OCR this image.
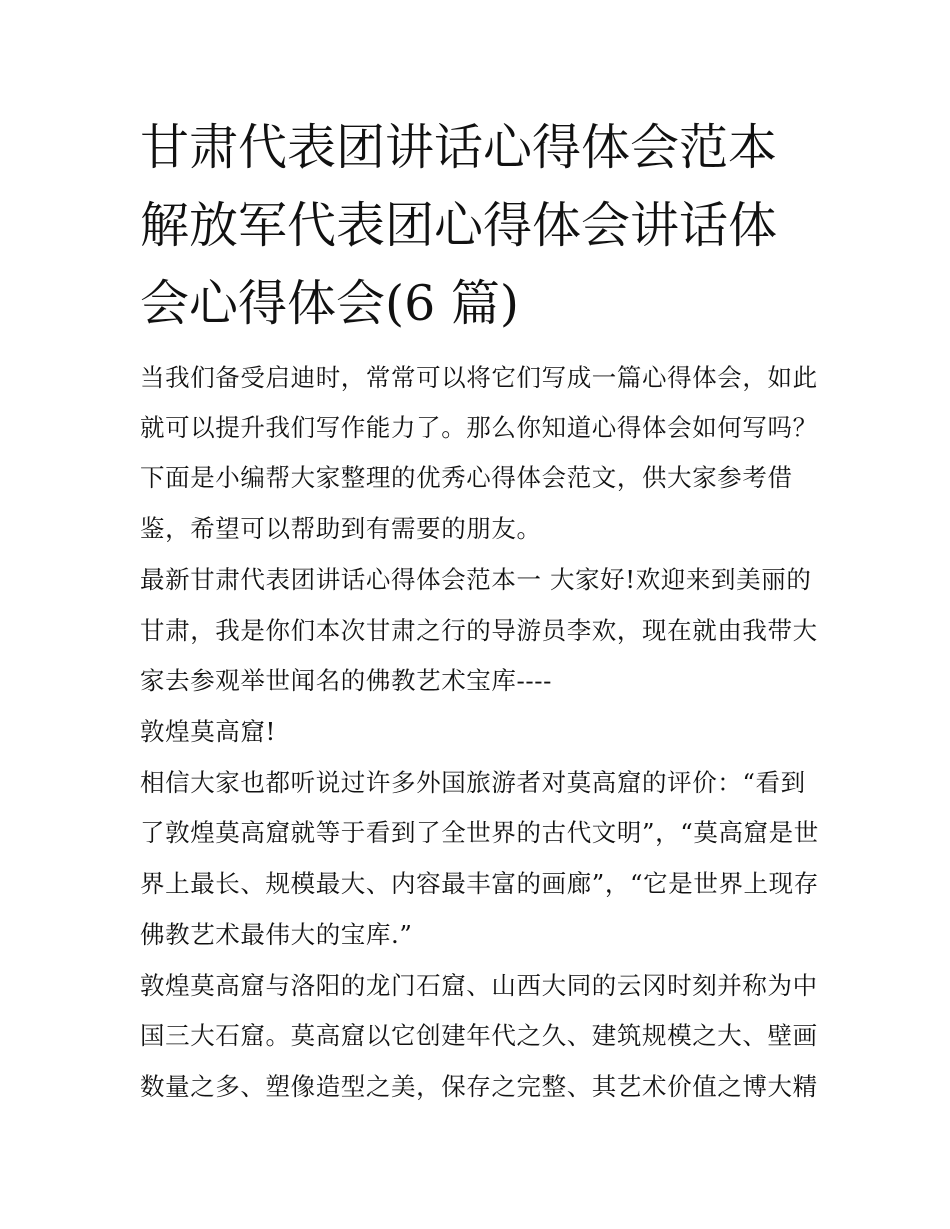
甘肃代表团讲话心得体会范本
解放军代表团心得体会讲话体
会心得体会(6 篇)
当我们备受启迪时，常常可以将它们写成一篇心得体会，如此
就可以提升我们写作能力了。那么你知道心得体会如何写吗？
下面是小编帮大家整理的优秀心得体会范文，供大家参考借
鉴，希望可以帮助到有需要的朋友。
最新甘肃代表团讲话心得体会范本一 大家好!欢迎来到美丽的
甘肃，我是你们本次甘肃之行的导游员李欢，现在就由我带大
家去参观举世闻名的佛教艺术宝库----
敦煌莫高窟!
相信大家也都听说过许多外国旅游者对莫高窟的评价：“看到
了敦煌莫高窟就等于看到了全世界的古代文明”，“莫高窟是世
界上最长、规模最大、内容最丰富的画廊”，“它是世界上现存
佛教艺术最伟大的宝库.”
敦煌莫高窟与洛阳的龙门石窟、山西大同的云冈时刻并称为中
国三大石窟。莫高窟以它创建年代之久、建筑规模之大、壁画
数量之多、塑像造型之美，保存之完整、其艺术价值之博大精
